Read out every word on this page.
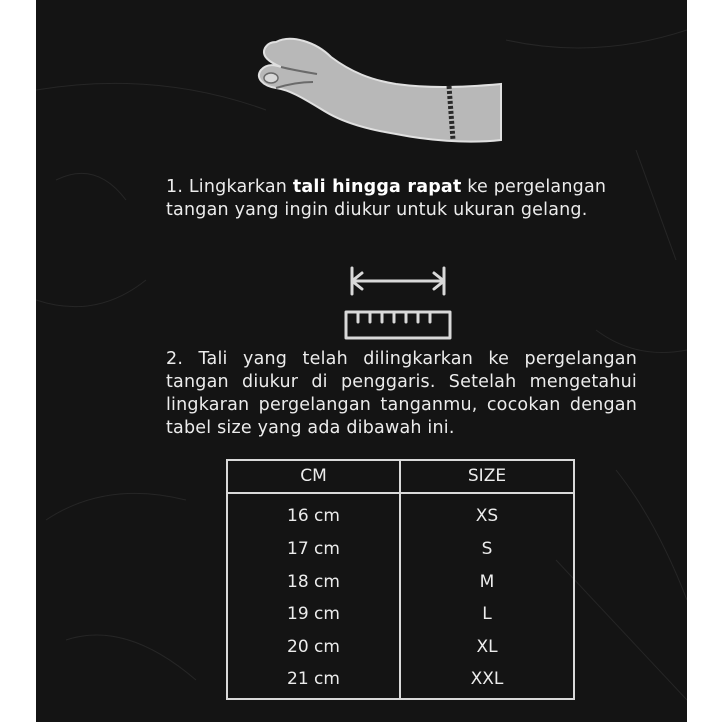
1. Lingkarkan tali hingga rapat ke pergelangan tangan yang ingin diukur untuk ukuran gelang.
2. Tali yang telah dilingkarkan ke pergelangan tangan diukur di penggaris. Setelah mengetahui lingkaran pergelangan tanganmu, cocokan dengan tabel size yang ada dibawah ini.
CM	SIZE
16 cm	XS
17 cm	S
18 cm	M
19 cm	L
20 cm	XL
21 cm	XXL
